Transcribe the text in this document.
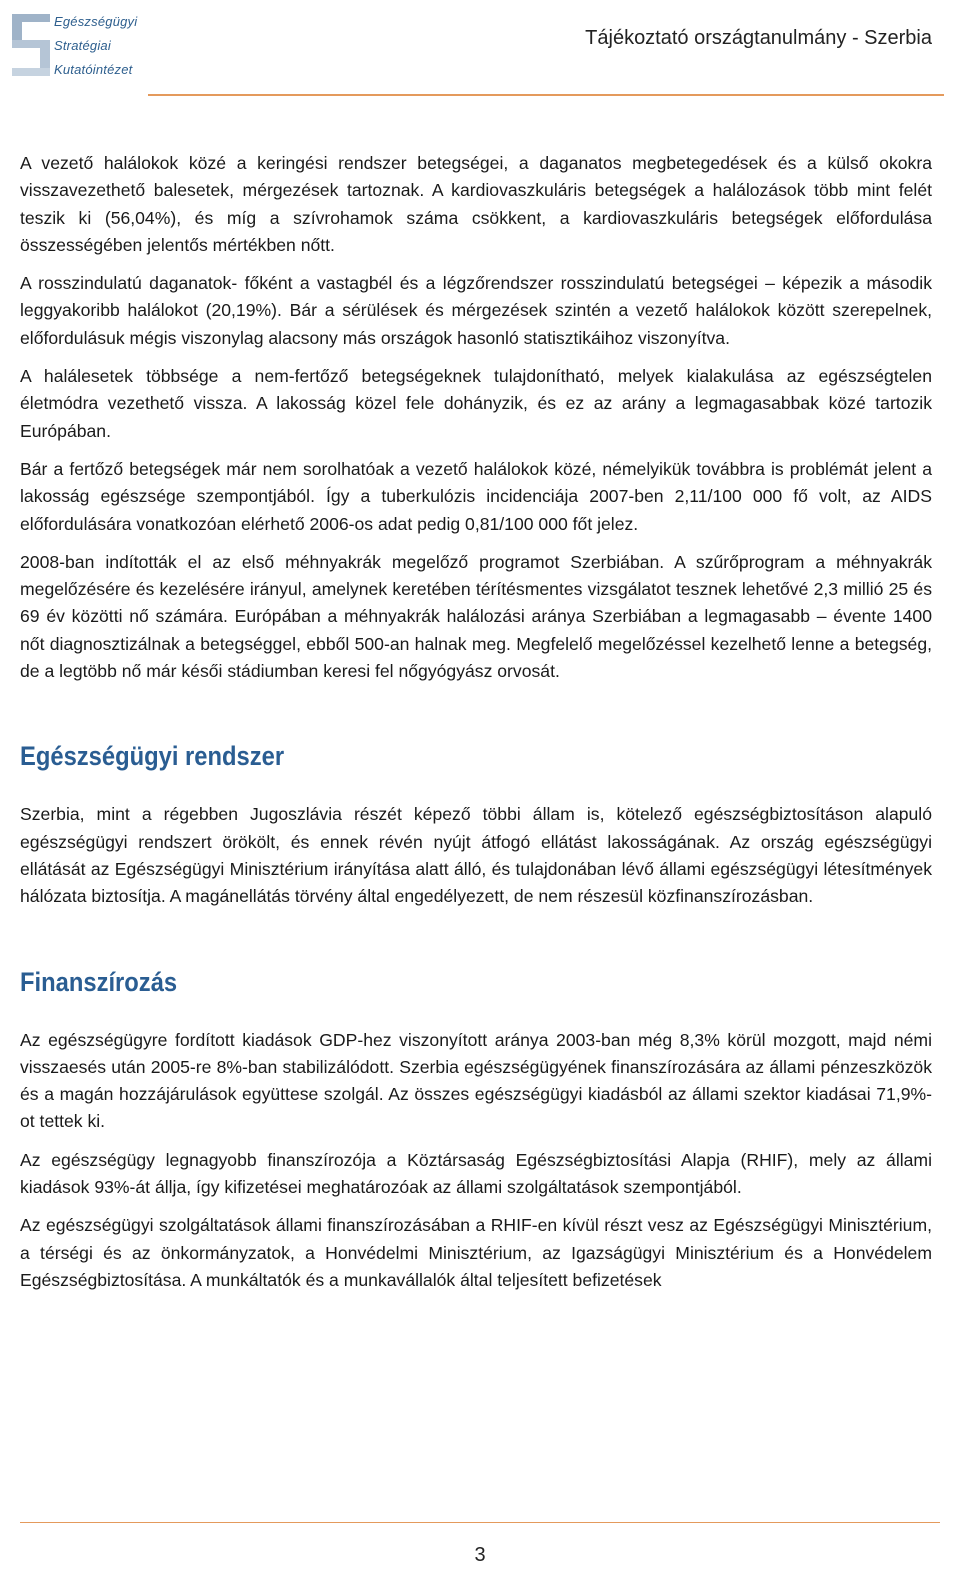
Egészségügyi
Stratégiai
Kutatóintézet
Tájékoztató országtanulmány - Szerbia

A vezető halálokok közé a keringési rendszer betegségei, a daganatos megbetegedések és a külső okokra visszavezethető balesetek, mérgezések tartoznak. A kardiovaszkuláris betegségek a halálozások több mint felét teszik ki (56,04%), és míg a szívrohamok száma csökkent, a kardiovaszkuláris betegségek előfordulása összességében jelentős mértékben nőtt.

A rosszindulatú daganatok- főként a vastagbél és a légzőrendszer rosszindulatú betegségei – képezik a második leggyakoribb halálokot (20,19%). Bár a sérülések és mérgezések szintén a vezető halálokok között szerepelnek, előfordulásuk mégis viszonylag alacsony más országok hasonló statisztikáihoz viszonyítva.

A halálesetek többsége a nem-fertőző betegségeknek tulajdonítható, melyek kialakulása az egészségtelen életmódra vezethető vissza. A lakosság közel fele dohányzik, és ez az arány a legmagasabbak közé tartozik Európában.

Bár a fertőző betegségek már nem sorolhatóak a vezető halálokok közé, némelyikük továbbra is problémát jelent a lakosság egészsége szempontjából. Így a tuberkulózis incidenciája 2007-ben 2,11/100 000 fő volt, az AIDS előfordulására vonatkozóan elérhető 2006-os adat pedig 0,81/100 000 főt jelez.

2008-ban indították el az első méhnyakrák megelőző programot Szerbiában. A szűrőprogram a méhnyakrák megelőzésére és kezelésére irányul, amelynek keretében térítésmentes vizsgálatot tesznek lehetővé 2,3 millió 25 és 69 év közötti nő számára. Európában a méhnyakrák halálozási aránya Szerbiában a legmagasabb – évente 1400 nőt diagnosztizálnak a betegséggel, ebből 500-an halnak meg. Megfelelő megelőzéssel kezelhető lenne a betegség, de a legtöbb nő már késői stádiumban keresi fel nőgyógyász orvosát.

Egészségügyi rendszer

Szerbia, mint a régebben Jugoszlávia részét képező többi állam is, kötelező egészségbiztosításon alapuló egészségügyi rendszert örökölt, és ennek révén nyújt átfogó ellátást lakosságának. Az ország egészségügyi ellátását az Egészségügyi Minisztérium irányítása alatt álló, és tulajdonában lévő állami egészségügyi létesítmények hálózata biztosítja. A magánellátás törvény által engedélyezett, de nem részesül közfinanszírozásban.

Finanszírozás

Az egészségügyre fordított kiadások GDP-hez viszonyított aránya 2003-ban még 8,3% körül mozgott, majd némi visszaesés után 2005-re 8%-ban stabilizálódott. Szerbia egészségügyének finanszírozására az állami pénzeszközök és a magán hozzájárulások együttese szolgál. Az összes egészségügyi kiadásból az állami szektor kiadásai 71,9%-ot tettek ki.

Az egészségügy legnagyobb finanszírozója a Köztársaság Egészségbiztosítási Alapja (RHIF), mely az állami kiadások 93%-át állja, így kifizetései meghatározóak az állami szolgáltatások szempontjából.

Az egészségügyi szolgáltatások állami finanszírozásában a RHIF-en kívül részt vesz az Egészségügyi Minisztérium, a térségi és az önkormányzatok, a Honvédelmi Minisztérium, az Igazságügyi Minisztérium és a Honvédelem Egészségbiztosítása. A munkáltatók és a munkavállalók által teljesített befizetések

3
